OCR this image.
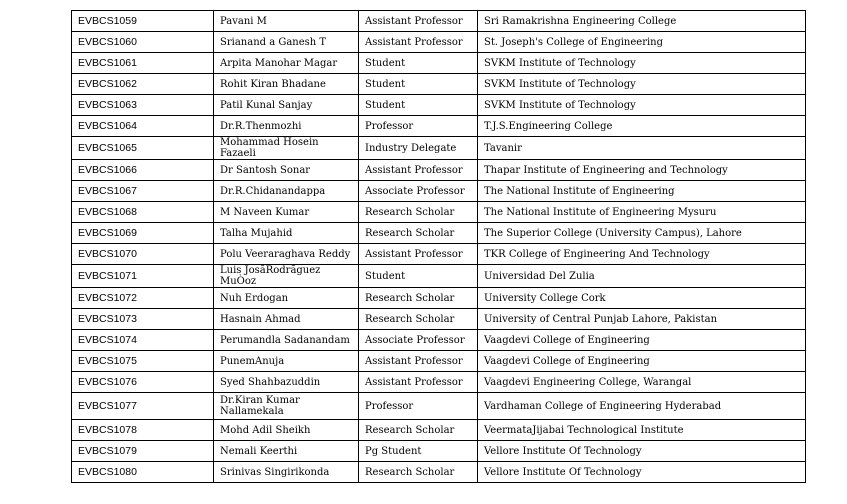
EVBCS1059	Pavani M	Assistant Professor	Sri Ramakrishna Engineering College
EVBCS1060	Srianand a Ganesh T	Assistant Professor	St. Joseph's College of Engineering
EVBCS1061	Arpita Manohar Magar	Student	SVKM Institute of Technology
EVBCS1062	Rohit Kiran Bhadane	Student	SVKM Institute of Technology
EVBCS1063	Patil Kunal Sanjay	Student	SVKM Institute of Technology
EVBCS1064	Dr.R.Thenmozhi	Professor	T.J.S.Engineering College
EVBCS1065	Mohammad Hosein Fazaeli	Industry Delegate	Tavanir
EVBCS1066	Dr Santosh Sonar	Assistant Professor	Thapar Institute of Engineering and Technology
EVBCS1067	Dr.R.Chidanandappa	Associate Professor	The National Institute of Engineering
EVBCS1068	M Naveen Kumar	Research Scholar	The National Institute of Engineering Mysuru
EVBCS1069	Talha Mujahid	Research Scholar	The Superior College (University Campus), Lahore
EVBCS1070	Polu Veeraraghava Reddy	Assistant Professor	TKR College of Engineering And Technology
EVBCS1071	Luis JosãRodrãguez MuÒoz	Student	Universidad Del Zulia
EVBCS1072	Nuh Erdogan	Research Scholar	University College Cork
EVBCS1073	Hasnain Ahmad	Research Scholar	University of Central Punjab Lahore, Pakistan
EVBCS1074	Perumandla Sadanandam	Associate Professor	Vaagdevi College of Engineering
EVBCS1075	PunemAnuja	Assistant Professor	Vaagdevi College of Engineering
EVBCS1076	Syed Shahbazuddin	Assistant Professor	Vaagdevi Engineering College, Warangal
EVBCS1077	Dr.Kiran Kumar Nallamekala	Professor	Vardhaman College of Engineering Hyderabad
EVBCS1078	Mohd Adil Sheikh	Research Scholar	VeermataJijabai Technological Institute
EVBCS1079	Nemali Keerthi	Pg Student	Vellore Institute Of Technology
EVBCS1080	Srinivas Singirikonda	Research Scholar	Vellore Institute Of Technology
